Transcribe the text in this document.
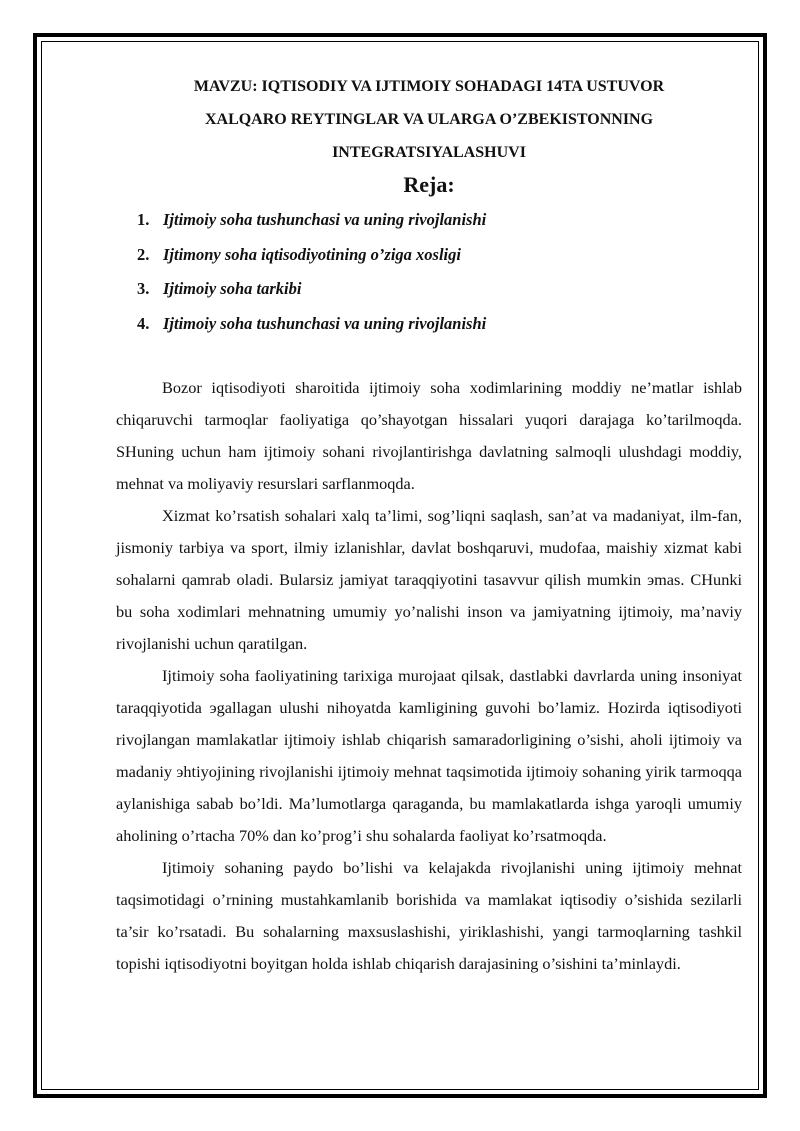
MAVZU: IQTISODIY VA IJTIMOIY SOHADAGI 14TA USTUVOR
XALQARO REYTINGLAR VA ULARGA O’ZBEKISTONNING
INTEGRATSIYALASHUVI
Reja:
1. Ijtimoiy soha tushunchasi va uning rivojlanishi
2. Ijtimony soha iqtisodiyotining o’ziga xosligi
3. Ijtimoiy soha tarkibi
4. Ijtimoiy soha tushunchasi va uning rivojlanishi

Bozor iqtisodiyoti sharoitida ijtimoiy soha xodimlarining moddiy ne’matlar ishlab chiqaruvchi tarmoqlar faoliyatiga qo’shayotgan hissalari yuqori darajaga ko’tarilmoqda. SHuning uchun ham ijtimoiy sohani rivojlantirishga davlatning salmoqli ulushdagi moddiy, mehnat va moliyaviy resurslari sarflanmoqda.

Xizmat ko’rsatish sohalari xalq ta’limi, sog’liqni saqlash, san’at va madaniyat, ilm-fan, jismoniy tarbiya va sport, ilmiy izlanishlar, davlat boshqaruvi, mudofaa, maishiy xizmat kabi sohalarni qamrab oladi. Bularsiz jamiyat taraqqiyotini tasavvur qilish mumkin эmas. CHunki bu soha xodimlari mehnatning umumiy yo’nalishi inson va jamiyatning ijtimoiy, ma’naviy rivojlanishi uchun qaratilgan.

Ijtimoiy soha faoliyatining tarixiga murojaat qilsak, dastlabki davrlarda uning insoniyat taraqqiyotida эgallagan ulushi nihoyatda kamligining guvohi bo’lamiz. Hozirda iqtisodiyoti rivojlangan mamlakatlar ijtimoiy ishlab chiqarish samaradorligining o’sishi, aholi ijtimoiy va madaniy эhtiyojining rivojlanishi ijtimoiy mehnat taqsimotida ijtimoiy sohaning yirik tarmoqqa aylanishiga sabab bo’ldi. Ma’lumotlarga qaraganda, bu mamlakatlarda ishga yaroqli umumiy aholining o’rtacha 70% dan ko’prog’i shu sohalarda faoliyat ko’rsatmoqda.

Ijtimoiy sohaning paydo bo’lishi va kelajakda rivojlanishi uning ijtimoiy mehnat taqsimotidagi o’rnining mustahkamlanib borishida va mamlakat iqtisodiy o’sishida sezilarli ta’sir ko’rsatadi. Bu sohalarning maxsuslashishi, yiriklashishi, yangi tarmoqlarning tashkil topishi iqtisodiyotni boyitgan holda ishlab chiqarish darajasining o’sishini ta’minlaydi.
